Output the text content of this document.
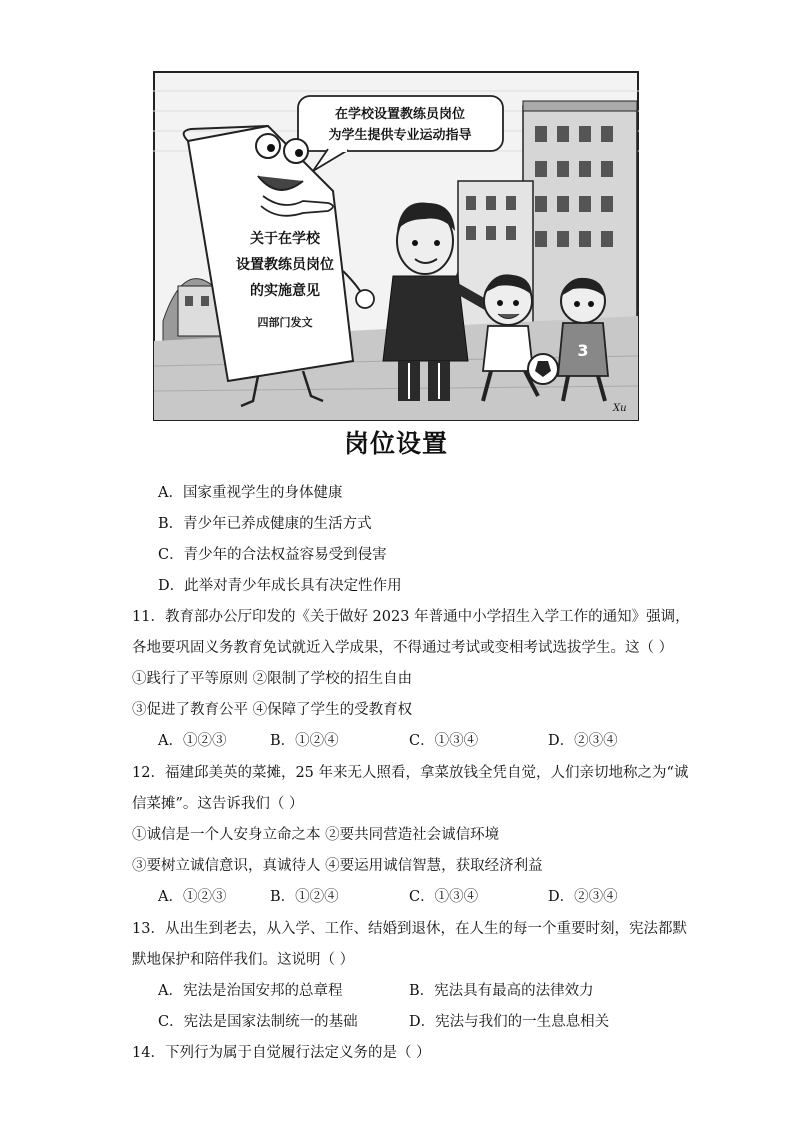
在学校设置教练员岗位
为学生提供专业运动指导
关于在学校
设置教练员岗位
的实施意见
四部门发文
3
Xu
岗位设置
A．国家重视学生的身体健康
B．青少年已养成健康的生活方式
C．青少年的合法权益容易受到侵害
D．此举对青少年成长具有决定性作用
11．教育部办公厅印发的《关于做好 2023 年普通中小学招生入学工作的通知》强调，
各地要巩固义务教育免试就近入学成果，不得通过考试或变相考试选拔学生。这（ ）
①践行了平等原则 ②限制了学校的招生自由
③促进了教育公平 ④保障了学生的受教育权
A．①②③	B．①②④	C．①③④	D．②③④
12．福建邱美英的菜摊，25 年来无人照看，拿菜放钱全凭自觉，人们亲切地称之为“诚
信菜摊”。这告诉我们（ ）
①诚信是一个人安身立命之本 ②要共同营造社会诚信环境
③要树立诚信意识，真诚待人 ④要运用诚信智慧，获取经济利益
A．①②③	B．①②④	C．①③④	D．②③④
13．从出生到老去，从入学、工作、结婚到退休，在人生的每一个重要时刻，宪法都默
默地保护和陪伴我们。这说明（ ）
A．宪法是治国安邦的总章程	B．宪法具有最高的法律效力
C．宪法是国家法制统一的基础	D．宪法与我们的一生息息相关
14．下列行为属于自觉履行法定义务的是（ ）
